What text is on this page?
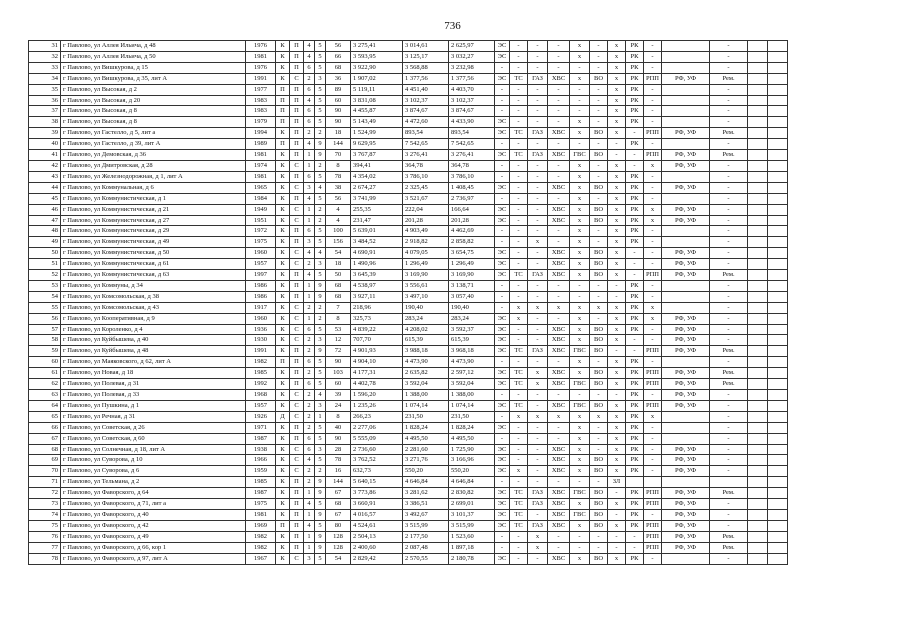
736
31	г Павлово, ул Аллея Ильича, д 48	1976	К	П	4	5	56	3 275,41	3 014,61	2 625,97	ЭС	-	-	-	х	-	х	РК	-		-		
32	г Павлово, ул Аллея Ильича, д 50	1981	К	П	4	5	66	3 593,95	3 125,17	3 032,27	ЭС	-	-	-	х	-	х	РК	-		-		
33	г Павлово, ул Вишкурова, д 15	1976	К	П	6	5	68	3 922,90	3 568,88	3 232,98	-	-	-	-	-	-	х	РК	-		-		
34	г Павлово, ул Вишкурова, д 35, лит А	1991	К	С	2	3	36	1 907,02	1 377,56	1 377,56	ЭС	ТС	ГАЗ	ХВС	х	ВО	х	РК	РПП	РФ, УФ	Рем.		
35	г Павлово, ул Высокая, д 2	1977	П	П	6	5	89	5 119,11	4 451,40	4 403,70	-	-	-	-	-	-	х	РК	-		-		
36	г Павлово, ул Высокая, д 20	1983	П	П	4	5	60	3 831,08	3 102,37	3 102,37	-	-	-	-	-	-	х	РК	-		-		
37	г Павлово, ул Высокая, д 8	1983	П	П	6	5	90	4 455,87	3 874,67	3 874,67	-	-	-	-	-	-	х	РК	-		-		
38	г Павлово, ул Высокая, д 8	1979	П	П	6	5	90	5 143,49	4 472,60	4 433,90	ЭС	-	-	-	х	-	х	РК	-		-		
39	г Павлово, ул Гастелло, д 5, лит а	1994	К	П	2	2	18	1 524,99	893,54	893,54	ЭС	ТС	ГАЗ	ХВС	х	ВО	х	-	РПП	РФ, УФ	Рем.		
40	г Павлово, ул Гастелло, д 39, лит А	1989	П	П	4	9	144	9 629,95	7 542,65	7 542,65	-	-	-	-	-	-	-	РК	-		-		
41	г Павлово, ул Демовская, д 36	1981	К	П	1	9	70	3 767,87	3 276,41	3 276,41	ЭС	ТС	ГАЗ	ХВС	ГВС	ВО	-	-	РПП	РФ, УФ	Рем.		
42	г Павлово, ул Дмитровская, д 28	1974	К	С	1	2	8	394,41	364,78	364,78	-	-	-	-	х	-	х	-	х	РФ, УФ	-		
43	г Павлово, ул Железнодорожная, д 1, лит А	1981	К	П	6	5	78	4 354,02	3 786,10	3 786,10	-	-	-	-	х	-	х	РК	-		-		
44	г Павлово, ул Коммунальная, д 6	1965	К	С	3	4	38	2 674,27	2 325,45	1 408,45	ЭС	-	-	ХВС	х	ВО	х	РК	-	РФ, УФ	-		
45	г Павлово, ул Коммунистическая, д 1	1984	К	П	4	5	56	3 741,99	3 521,67	2 736,97	-	-	-	-	х	-	х	РК	-		-		
46	г Павлово, ул Коммунистическая, д 21	1949	К	С	1	2	4	255,35	222,04	166,64	ЭС	-	-	ХВС	х	ВО	х	РК	х	РФ, УФ	-		
47	г Павлово, ул Коммунистическая, д 27	1951	К	С	1	2	4	231,47	201,28	201,28	ЭС	-	-	ХВС	х	ВО	х	РК	х	РФ, УФ	-		
48	г Павлово, ул Коммунистическая, д 29	1972	К	П	6	5	100	5 639,01	4 903,49	4 462,69	-	-	-	-	х	-	х	РК	-		-		
49	г Павлово, ул Коммунистическая, д 49	1975	К	П	3	5	156	3 484,52	2 918,82	2 858,82	-	-	х	-	х	-	х	РК	-		-		
50	г Павлово, ул Коммунистическая, д 50	1960	К	С	4	4	54	4 690,91	4 079,05	3 654,75	ЭС	-	-	ХВС	х	ВО	х	-	-	РФ, УФ	-		
51	г Павлово, ул Коммунистическая, д 61	1957	К	С	2	3	18	1 490,96	1 296,49	1 296,49	ЭС	-	-	ХВС	х	ВО	х	-	-	РФ, УФ	-		
52	г Павлово, ул Коммунистическая, д 63	1997	К	П	4	5	50	3 645,39	3 169,90	3 169,90	ЭС	ТС	ГАЗ	ХВС	х	ВО	х	-	РПП	РФ, УФ	Рем.		
53	г Павлово, ул Коммуны, д 34	1986	К	П	1	9	68	4 538,97	3 556,61	3 138,71	-	-	-	-	-	-	-	РК	-		-		
54	г Павлово, ул Комсомольская, д 38	1986	К	П	1	9	68	3 927,11	3 497,10	3 057,40	-	-	-	-	-	-	-	РК	-		-		
55	г Павлово, ул Комсомольская, д 43	1917	К	С	2	2	7	218,96	190,40	190,40	-	х	х	х	х	х	х	РК	х		-		
56	г Павлово, ул Кооперативная, д 9	1960	К	С	1	2	8	325,73	283,24	283,24	ЭС	х	-	-	х	-	х	РК	х	РФ, УФ	-		
57	г Павлово, ул Короленко, д 4	1936	К	С	6	5	53	4 839,22	4 208,02	3 592,37	ЭС	-	-	ХВС	х	ВО	х	РК	-	РФ, УФ	-		
58	г Павлово, ул Куйбышева, д 40	1930	К	С	2	3	12	707,70	615,39	615,39	ЭС	-	-	ХВС	х	ВО	х	-	-	РФ, УФ	-		
59	г Павлово, ул Куйбышева, д 48	1991	К	П	2	9	72	4 901,93	3 988,18	3 968,18	ЭС	ТС	ГАЗ	ХВС	ГВС	ВО	-	-	РПП	РФ, УФ	Рем.		
60	г Павлово, ул Маяковского, д 62, лит А	1982	П	П	6	5	90	4 904,10	4 473,90	4 473,90	-	-	-	-	х	-	х	РК	-		-		
61	г Павлово, ул Новая, д 18	1985	К	П	2	5	103	4 177,31	2 635,82	2 597,12	ЭС	ТС	х	ХВС	х	ВО	х	РК	РПП	РФ, УФ	Рем.		
62	г Павлово, ул Полевая, д 31	1992	К	П	6	5	60	4 402,78	3 592,04	3 592,04	ЭС	ТС	х	ХВС	ГВС	ВО	х	РК	РПП	РФ, УФ	Рем.		
63	г Павлово, ул Полевая, д 33	1968	К	С	2	4	39	1 596,20	1 388,00	1 388,00	-	-	-	-	-	-	-	РК	-	РФ, УФ	-		
64	г Павлово, ул Пушкина, д 1	1957	К	С	2	3	24	1 235,26	1 074,14	1 074,14	ЭС	ТС	-	ХВС	ГВС	ВО	х	РК	РПП	РФ, УФ	-		
65	г Павлово, ул Речная, д 31	1926	Д	С	2	1	8	266,23	231,50	231,50	-	х	х	х	х	х	х	РК	х		-		
66	г Павлово, ул Советская, д 26	1971	К	П	2	5	40	2 277,06	1 828,24	1 828,24	ЭС	-	-	-	х	-	х	РК	-		-		
67	г Павлово, ул Советская, д 60	1987	К	П	6	5	90	5 555,09	4 495,50	4 495,50	-	-	-	-	х	-	х	РК	-		-		
68	г Павлово, ул Солнечная, д 18, лит А	1938	К	С	6	3	28	2 736,60	2 281,60	1 725,90	ЭС	-	-	ХВС	х	-	х	РК	-	РФ, УФ	-		
69	г Павлово, ул Суворова, д 10	1966	К	С	4	5	78	3 762,52	3 271,76	3 166,96	ЭС	-	-	ХВС	х	ВО	х	РК	-	РФ, УФ	-		
70	г Павлово, ул Суворова, д 6	1959	К	С	2	2	16	632,73	550,20	550,20	ЭС	х	-	ХВС	х	ВО	х	РК	-	РФ, УФ	-		
71	г Павлово, ул Тельмана, д 2	1985	К	П	2	9	144	5 640,15	4 646,84	4 646,84	-	-	-	-	-	-	ЗЛ						
72	г Павлово, ул Фаворского, д 64	1987	К	П	1	9	67	3 773,86	3 281,62	2 830,82	ЭС	ТС	ГАЗ	ХВС	ГВС	ВО	-	РК	РПП	РФ, УФ	Рем.		
73	г Павлово, ул Фаворского, д 71, лит а	1975	К	П	4	5	68	3 660,91	3 386,51	2 699,01	ЭС	ТС	ГАЗ	ХВС	х	ВО	х	РК	РПП	РФ, УФ	-		
74	г Павлово, ул Фаворского, д 40	1981	К	П	1	9	67	4 016,57	3 492,67	3 101,37	ЭС	ТС	-	ХВС	ГВС	ВО	-	РК	-	РФ, УФ	-		
75	г Павлово, ул Фаворского, д 42	1969	П	П	4	5	80	4 524,61	3 515,99	3 515,99	ЭС	ТС	ГАЗ	ХВС	х	ВО	х	РК	РПП	РФ, УФ	-		
76	г Павлово, ул Фаворского, д 49	1982	К	П	1	9	128	2 504,13	2 177,50	1 523,60	-	-	х	-	-	-	-	-	РПП	РФ, УФ	Рем.		
77	г Павлово, ул Фаворского, д 66, кор 1	1982	К	П	1	9	128	2 400,60	2 087,48	1 897,18	-	-	х	-	-	-	-	-	РПП	РФ, УФ	Рем.		
78	г Павлово, ул Фаворского, д 97, лит А	1967	К	С	3	5	54	2 829,42	2 570,55	2 180,78	ЭС	-	-	ХВС	х	ВО	х	РК	-		-		
